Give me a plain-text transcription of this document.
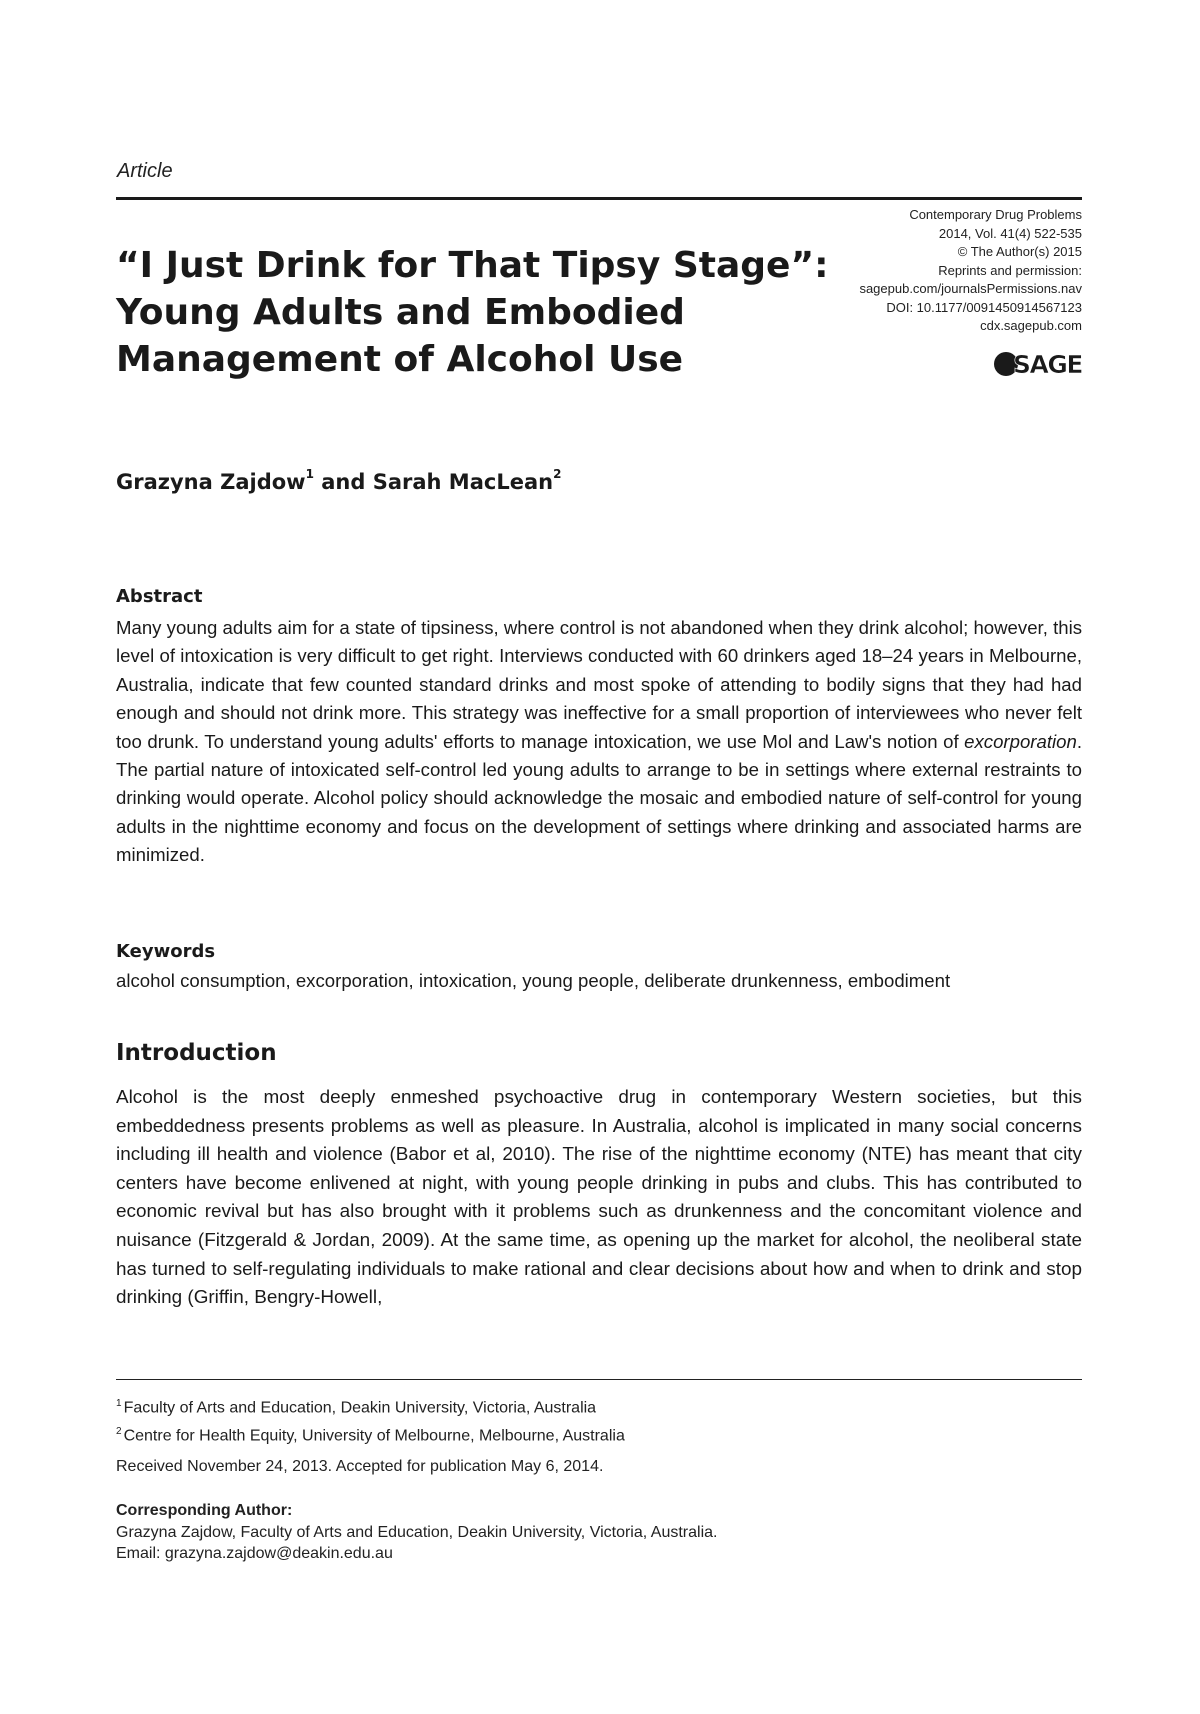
Article
“I Just Drink for That Tipsy Stage”:
Young Adults and Embodied
Management of Alcohol Use
Contemporary Drug Problems
2014, Vol. 41(4) 522-535
© The Author(s) 2015
Reprints and permission:
sagepub.com/journalsPermissions.nav
DOI: 10.1177/0091450914567123
cdx.sagepub.com
SAGE
Grazyna Zajdow$^1$ and Sarah MacLean$^2$
Abstract

Many young adults aim for a state of tipsiness, where control is not abandoned when they drink alcohol; however, this level of intoxication is very difficult to get right. Interviews conducted with 60 drinkers aged 18–24 years in Melbourne, Australia, indicate that few counted standard drinks and most spoke of attending to bodily signs that they had had enough and should not drink more. This strategy was ineffective for a small proportion of interviewees who never felt too drunk. To understand young adults' efforts to manage intoxication, we use Mol and Law's notion of excorporation. The partial nature of intoxicated self-control led young adults to arrange to be in settings where external restraints to drinking would operate. Alcohol policy should acknowledge the mosaic and embodied nature of self-control for young adults in the nighttime economy and focus on the development of settings where drinking and associated harms are minimized.

Keywords
alcohol consumption, excorporation, intoxication, young people, deliberate drunkenness, embodiment
Introduction

Alcohol is the most deeply enmeshed psychoactive drug in contemporary Western societies, but this embeddedness presents problems as well as pleasure. In Australia, alcohol is implicated in many social concerns including ill health and violence (Babor et al, 2010). The rise of the nighttime economy (NTE) has meant that city centers have become enlivened at night, with young people drinking in pubs and clubs. This has contributed to economic revival but has also brought with it problems such as drunkenness and the concomitant violence and nuisance (Fitzgerald & Jordan, 2009). At the same time, as opening up the market for alcohol, the neoliberal state has turned to self-regulating individuals to make rational and clear decisions about how and when to drink and stop drinking (Griffin, Bengry-Howell,

$^1$ Faculty of Arts and Education, Deakin University, Victoria, Australia
$^2$ Centre for Health Equity, University of Melbourne, Melbourne, Australia
Received November 24, 2013. Accepted for publication May 6, 2014.
Corresponding Author:
Grazyna Zajdow, Faculty of Arts and Education, Deakin University, Victoria, Australia.
Email: grazyna.zajdow@deakin.edu.au
